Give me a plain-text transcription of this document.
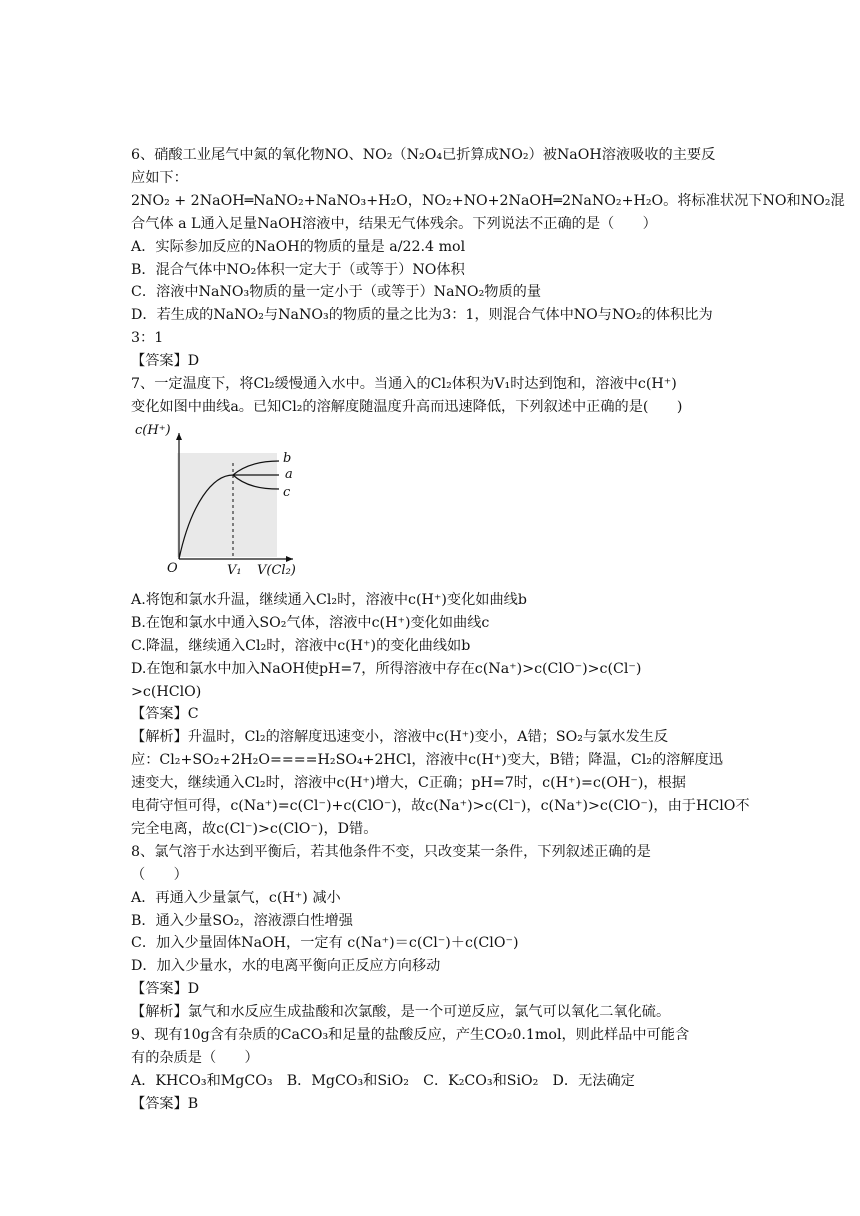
6、硝酸工业尾气中氮的氧化物NO、NO₂（N₂O₄已折算成NO₂）被NaOH溶液吸收的主要反
应如下：
2NO₂ + 2NaOH═NaNO₂+NaNO₃+H₂O，NO₂+NO+2NaOH═2NaNO₂+H₂O。将标准状况下NO和NO₂混
合气体 a L通入足量NaOH溶液中，结果无气体残余。下列说法不正确的是（　　）
A．实际参加反应的NaOH的物质的量是 a/22.4 mol
B．混合气体中NO₂体积一定大于（或等于）NO体积
C．溶液中NaNO₃物质的量一定小于（或等于）NaNO₂物质的量
D．若生成的NaNO₂与NaNO₃的物质的量之比为3：1，则混合气体中NO与NO₂的体积比为
3：1
【答案】D
7、一定温度下，将Cl₂缓慢通入水中。当通入的Cl₂体积为V₁时达到饱和，溶液中c(H⁺)
变化如图中曲线a。已知Cl₂的溶解度随温度升高而迅速降低，下列叙述中正确的是(　　)
c(H⁺)
O	V₁ V(Cl₂)
b
a
c
A.将饱和氯水升温，继续通入Cl₂时，溶液中c(H⁺)变化如曲线b
B.在饱和氯水中通入SO₂气体，溶液中c(H⁺)变化如曲线c
C.降温，继续通入Cl₂时，溶液中c(H⁺)的变化曲线如b
D.在饱和氯水中加入NaOH使pH=7，所得溶液中存在c(Na⁺)>c(ClO⁻)>c(Cl⁻)
>c(HClO)
【答案】C
【解析】升温时，Cl₂的溶解度迅速变小，溶液中c(H⁺)变小，A错；SO₂与氯水发生反
应：Cl₂+SO₂+2H₂O====H₂SO₄+2HCl，溶液中c(H⁺)变大，B错；降温，Cl₂的溶解度迅
速变大，继续通入Cl₂时，溶液中c(H⁺)增大，C正确；pH=7时，c(H⁺)=c(OH⁻)，根据
电荷守恒可得，c(Na⁺)=c(Cl⁻)+c(ClO⁻)，故c(Na⁺)>c(Cl⁻)，c(Na⁺)>c(ClO⁻)，由于HClO不
完全电离，故c(Cl⁻)>c(ClO⁻)，D错。
8、氯气溶于水达到平衡后，若其他条件不变，只改变某一条件，下列叙述正确的是
（　　）
A．再通入少量氯气，c(H⁺) 减小
B．通入少量SO₂，溶液漂白性增强
C．加入少量固体NaOH，一定有 c(Na⁺)＝c(Cl⁻)＋c(ClO⁻)
D．加入少量水，水的电离平衡向正反应方向移动
【答案】D
【解析】氯气和水反应生成盐酸和次氯酸，是一个可逆反应，氯气可以氧化二氧化硫。
9、现有10g含有杂质的CaCO₃和足量的盐酸反应，产生CO₂0.1mol，则此样品中可能含
有的杂质是（　　）
A．KHCO₃和MgCO₃　B．MgCO₃和SiO₂　C．K₂CO₃和SiO₂　D．无法确定
【答案】B
